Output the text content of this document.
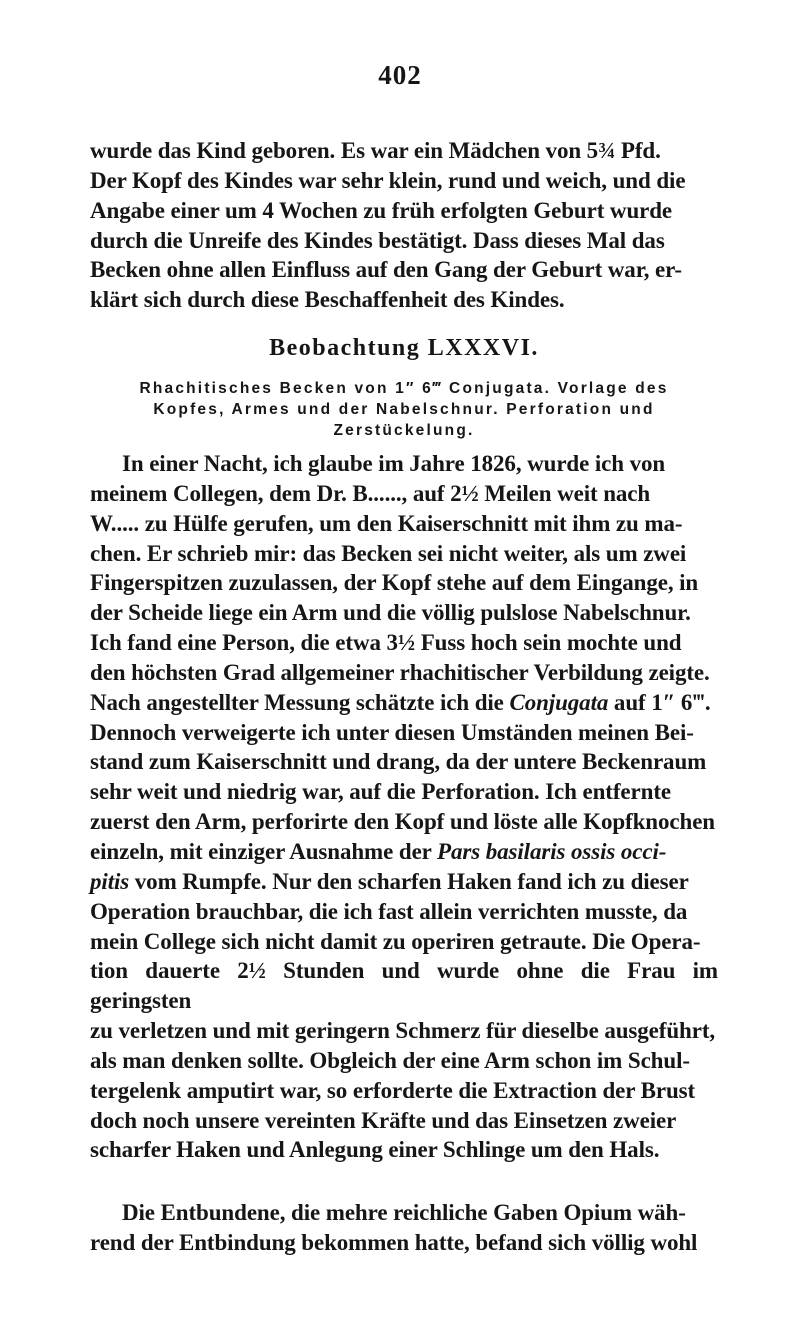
402

wurde das Kind geboren. Es war ein Mädchen von 5¾ Pfd.

Der Kopf des Kindes war sehr klein, rund und weich, und die

Angabe einer um 4 Wochen zu früh erfolgten Geburt wurde

durch die Unreife des Kindes bestätigt. Dass dieses Mal das

Becken ohne allen Einfluss auf den Gang der Geburt war, er-

klärt sich durch diese Beschaffenheit des Kindes.

Beobachtung LXXXVI.
Rhachitisches Becken von 1″ 6‴ Conjugata. Vorlage des
Kopfes, Armes und der Nabelschnur. Perforation und
Zerstückelung.

In einer Nacht, ich glaube im Jahre 1826, wurde ich von

meinem Collegen, dem Dr. B......, auf 2½ Meilen weit nach

W..... zu Hülfe gerufen, um den Kaiserschnitt mit ihm zu ma-

chen. Er schrieb mir: das Becken sei nicht weiter, als um zwei

Fingerspitzen zuzulassen, der Kopf stehe auf dem Eingange, in

der Scheide liege ein Arm und die völlig pulslose Nabelschnur.

Ich fand eine Person, die etwa 3½ Fuss hoch sein mochte und

den höchsten Grad allgemeiner rhachitischer Verbildung zeigte.

Nach angestellter Messung schätzte ich die Conjugata auf 1″ 6‴.

Dennoch verweigerte ich unter diesen Umständen meinen Bei-

stand zum Kaiserschnitt und drang, da der untere Beckenraum

sehr weit und niedrig war, auf die Perforation. Ich entfernte

zuerst den Arm, perforirte den Kopf und löste alle Kopfknochen

einzeln, mit einziger Ausnahme der Pars basilaris ossis occi-

pitis vom Rumpfe. Nur den scharfen Haken fand ich zu dieser

Operation brauchbar, die ich fast allein verrichten musste, da

mein College sich nicht damit zu operiren getraute. Die Opera-

tion dauerte 2½ Stunden und wurde ohne die Frau im geringsten

zu verletzen und mit geringern Schmerz für dieselbe ausgeführt,

als man denken sollte. Obgleich der eine Arm schon im Schul-

tergelenk amputirt war, so erforderte die Extraction der Brust

doch noch unsere vereinten Kräfte und das Einsetzen zweier

scharfer Haken und Anlegung einer Schlinge um den Hals.

Die Entbundene, die mehre reichliche Gaben Opium wäh-

rend der Entbindung bekommen hatte, befand sich völlig wohl
